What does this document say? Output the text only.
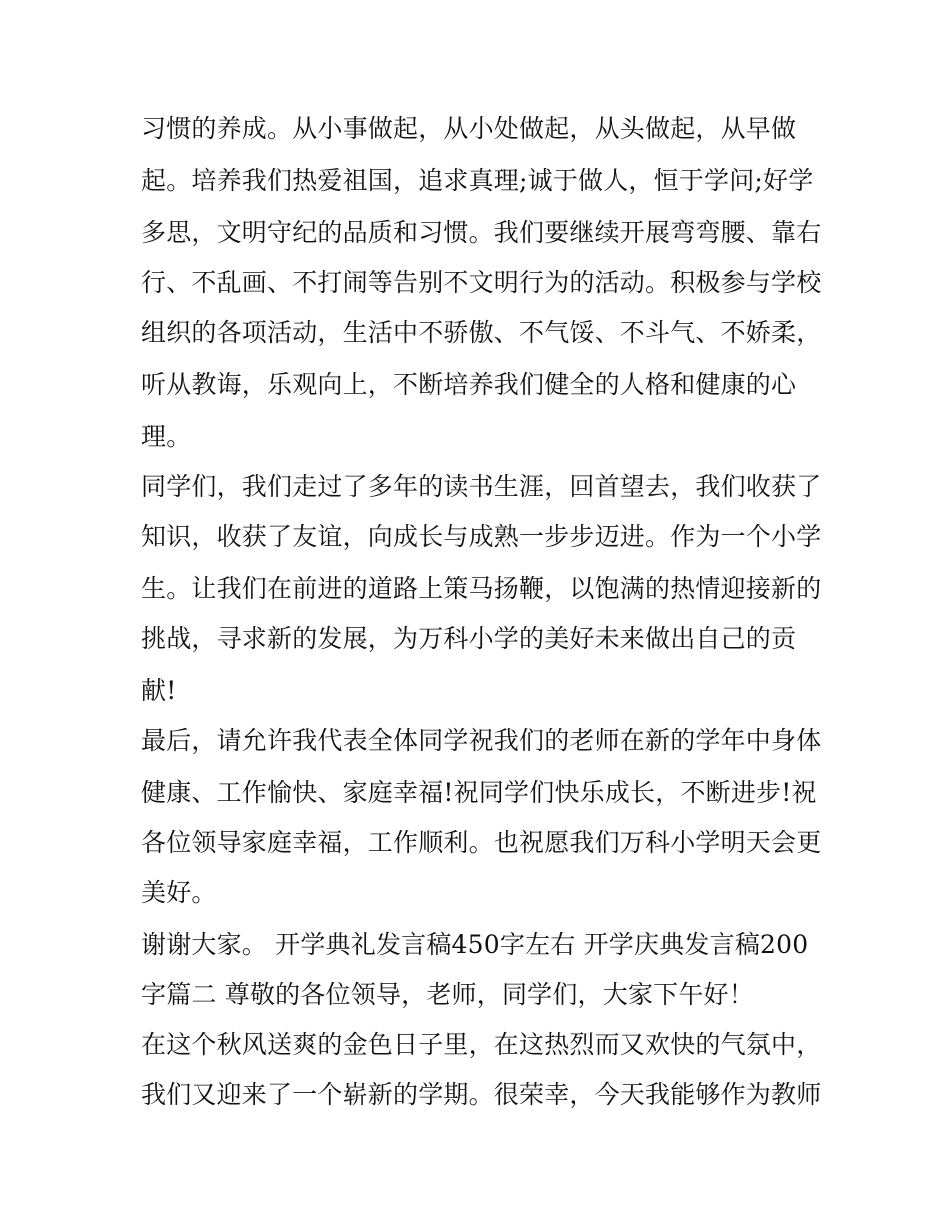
习惯的养成。从小事做起，从小处做起，从头做起，从早做
起。培养我们热爱祖国，追求真理;诚于做人，恒于学问;好学
多思，文明守纪的品质和习惯。我们要继续开展弯弯腰、靠右
行、不乱画、不打闹等告别不文明行为的活动。积极参与学校
组织的各项活动，生活中不骄傲、不气馁、不斗气、不娇柔，
听从教诲，乐观向上，不断培养我们健全的人格和健康的心
理。
同学们，我们走过了多年的读书生涯，回首望去，我们收获了
知识，收获了友谊，向成长与成熟一步步迈进。作为一个小学
生。让我们在前进的道路上策马扬鞭，以饱满的热情迎接新的
挑战，寻求新的发展，为万科小学的美好未来做出自己的贡
献!
最后，请允许我代表全体同学祝我们的老师在新的学年中身体
健康、工作愉快、家庭幸福!祝同学们快乐成长，不断进步!祝
各位领导家庭幸福，工作顺利。也祝愿我们万科小学明天会更
美好。
谢谢大家。 开学典礼发言稿450字左右 开学庆典发言稿200
字篇二 尊敬的各位领导，老师，同学们，大家下午好！
在这个秋风送爽的金色日子里，在这热烈而又欢快的气氛中，
我们又迎来了一个崭新的学期。很荣幸，今天我能够作为教师
